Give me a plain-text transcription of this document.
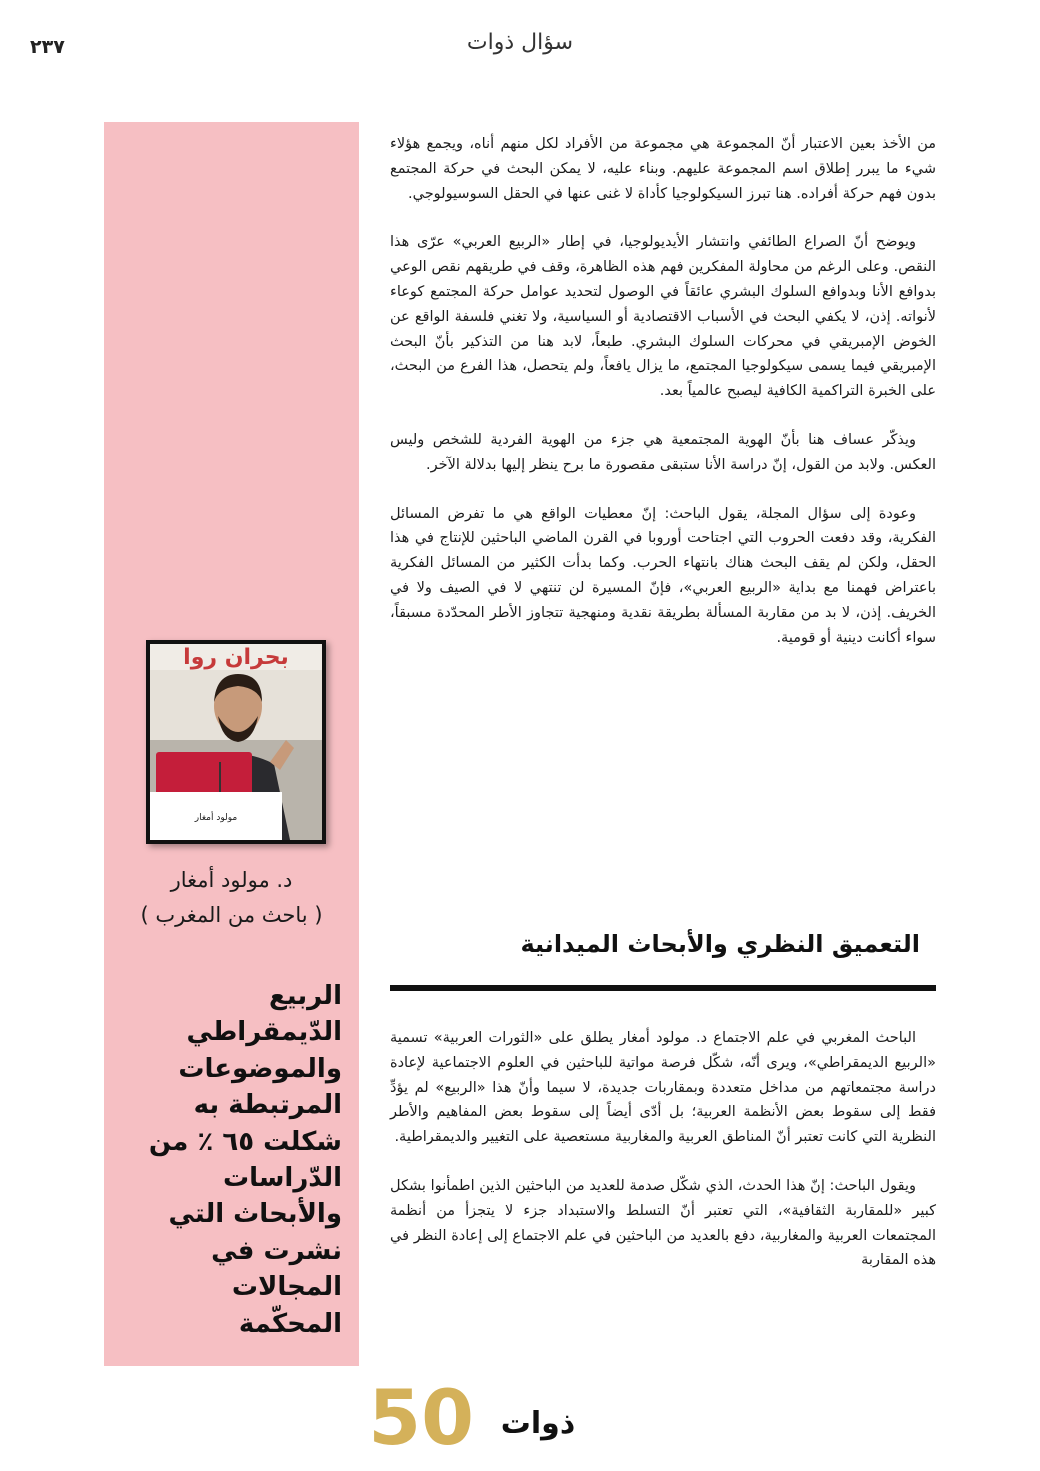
٢٣٧	سؤال ذوات
بحران روا
مولود أمغار
د. مولود أمغار
( باحث من المغرب )

الربيع الدّيمقراطي والموضوعات المرتبطة به شكلت ٦٥ ٪ من الدّراسات والأبحاث التي نشرت في المجالات المحكّمة

من الأخذ بعين الاعتبار أنّ المجموعة هي مجموعة من الأفراد لكل منهم أناه، ويجمع هؤلاء شيء ما يبرر إطلاق اسم المجموعة عليهم. وبناء عليه، لا يمكن البحث في حركة المجتمع بدون فهم حركة أفراده. هنا تبرز السيكولوجيا كأداة لا غنى عنها في الحقل السوسيولوجي.

ويوضح أنّ الصراع الطائفي وانتشار الأيديولوجيا، في إطار «الربيع العربي» عرّى هذا النقص. وعلى الرغم من محاولة المفكرين فهم هذه الظاهرة، وقف في طريقهم نقص الوعي بدوافع الأنا وبدوافع السلوك البشري عائقاً في الوصول لتحديد عوامل حركة المجتمع كوعاء لأنواته. إذن، لا يكفي البحث في الأسباب الاقتصادية أو السياسية، ولا تغني فلسفة الواقع عن الخوض الإمبريقي في محركات السلوك البشري. طبعاً، لابد هنا من التذكير بأنّ البحث الإمبريقي فيما يسمى سيكولوجيا المجتمع، ما يزال يافعاً، ولم يتحصل، هذا الفرع من البحث، على الخبرة التراكمية الكافية ليصبح عالمياً بعد.

ويذكّر عساف هنا بأنّ الهوية المجتمعية هي جزء من الهوية الفردية للشخص وليس العكس. ولابد من القول، إنّ دراسة الأنا ستبقى مقصورة ما برح ينظر إليها بدلالة الآخر.

وعودة إلى سؤال المجلة، يقول الباحث: إنّ معطيات الواقع هي ما تفرض المسائل الفكرية، وقد دفعت الحروب التي اجتاحت أوروبا في القرن الماضي الباحثين للإنتاج في هذا الحقل، ولكن لم يقف البحث هناك بانتهاء الحرب. وكما بدأت الكثير من المسائل الفكرية باعتراض فهمنا مع بداية «الربيع العربي»، فإنّ المسيرة لن تنتهي لا في الصيف ولا في الخريف. إذن، لا بد من مقاربة المسألة بطريقة نقدية ومنهجية تتجاوز الأطر المحدّدة مسبقاً، سواء أكانت دينية أو قومية.

التعميق النظري والأبحاث الميدانية

الباحث المغربي في علم الاجتماع د. مولود أمغار يطلق على «الثورات العربية» تسمية «الربيع الديمقراطي»، ويرى أنّه، شكّل فرصة مواتية للباحثين في العلوم الاجتماعية لإعادة دراسة مجتمعاتهم من مداخل متعددة وبمقاربات جديدة، لا سيما وأنّ هذا «الربيع» لم يؤدِّ فقط إلى سقوط بعض الأنظمة العربية؛ بل أدّى أيضاً إلى سقوط بعض المفاهيم والأطر النظرية التي كانت تعتبر أنّ المناطق العربية والمغاربية مستعصية على التغيير والديمقراطية.

ويقول الباحث: إنّ هذا الحدث، الذي شكّل صدمة للعديد من الباحثين الذين اطمأنوا بشكل كبير «للمقاربة الثقافية»، التي تعتبر أنّ التسلط والاستبداد جزء لا يتجزأ من أنظمة المجتمعات العربية والمغاربية، دفع بالعديد من الباحثين في علم الاجتماع إلى إعادة النظر في هذه المقاربة

50 ذوات
